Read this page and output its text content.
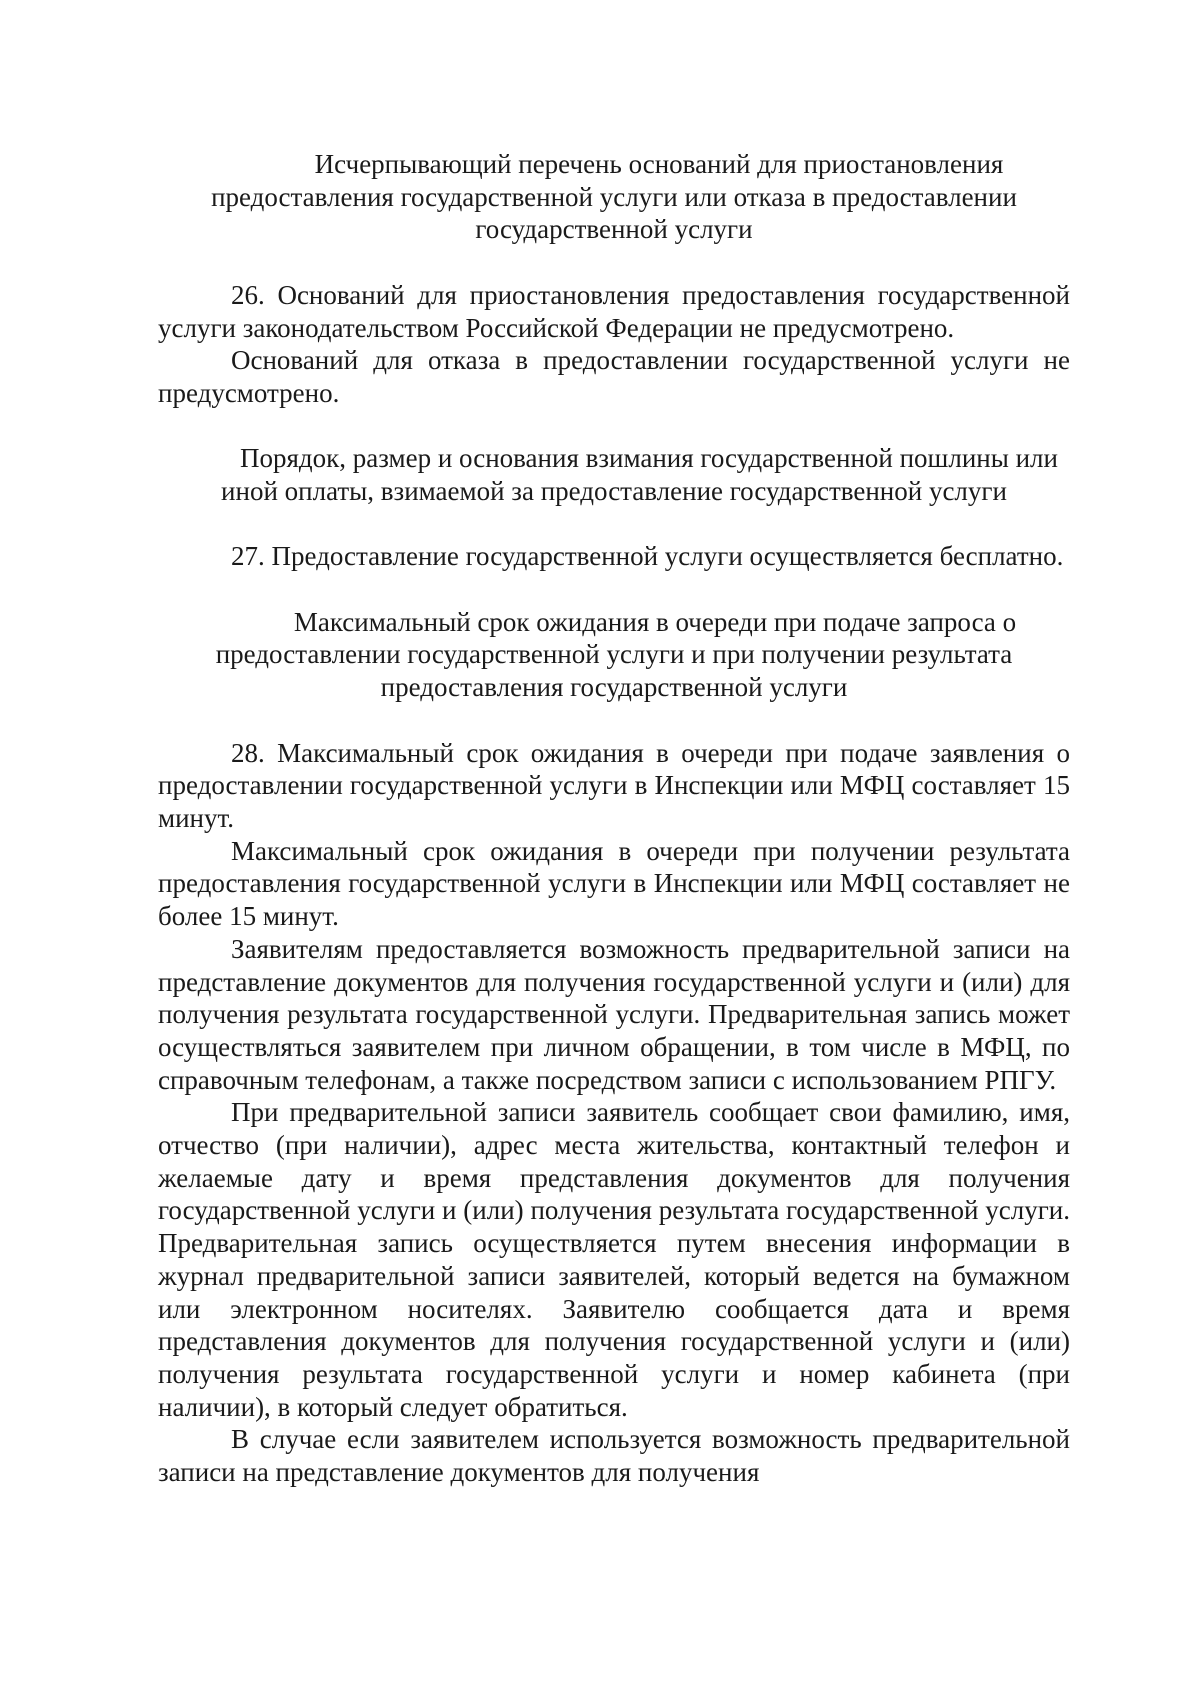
Исчерпывающий перечень оснований для приостановления предоставления государственной услуги или отказа в предоставлении государственной услуги

26. Оснований для приостановления предоставления государственной услуги законодательством Российской Федерации не предусмотрено.

Оснований для отказа в предоставлении государственной услуги не предусмотрено.

Порядок, размер и основания взимания государственной пошлины или иной оплаты, взимаемой за предоставление государственной услуги

27. Предоставление государственной услуги осуществляется бесплатно.

Максимальный срок ожидания в очереди при подаче запроса о предоставлении государственной услуги и при получении результата предоставления государственной услуги

28. Максимальный срок ожидания в очереди при подаче заявления о предоставлении государственной услуги в Инспекции или МФЦ составляет 15 минут.

Максимальный срок ожидания в очереди при получении результата предоставления государственной услуги в Инспекции или МФЦ составляет не более 15 минут.

Заявителям предоставляется возможность предварительной записи на представление документов для получения государственной услуги и (или) для получения результата государственной услуги. Предварительная запись может осуществляться заявителем при личном обращении, в том числе в МФЦ, по справочным телефонам, а также посредством записи с использованием РПГУ.

При предварительной записи заявитель сообщает свои фамилию, имя, отчество (при наличии), адрес места жительства, контактный телефон и желаемые дату и время представления документов для получения государственной услуги и (или) получения результата государственной услуги. Предварительная запись осуществляется путем внесения информации в журнал предварительной записи заявителей, который ведется на бумажном или электронном носителях. Заявителю сообщается дата и время представления документов для получения государственной услуги и (или) получения результата государственной услуги и номер кабинета (при наличии), в который следует обратиться.

В случае если заявителем используется возможность предварительной записи на представление документов для получения
